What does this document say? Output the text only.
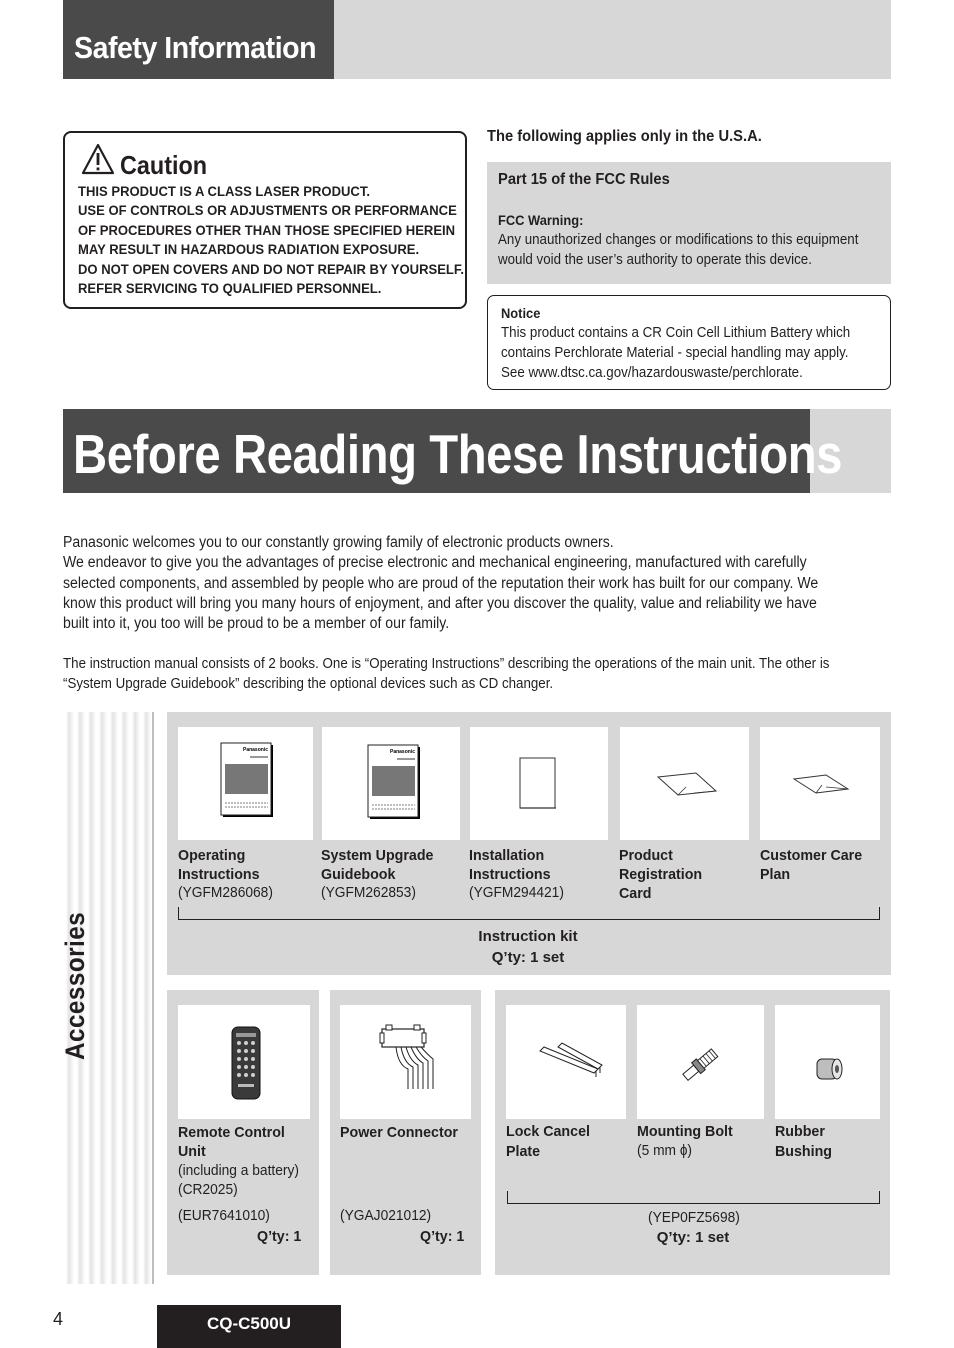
Safety Information
Caution
THIS PRODUCT IS A CLASS LASER PRODUCT.
USE OF CONTROLS OR ADJUSTMENTS OR PERFORMANCE
OF PROCEDURES OTHER THAN THOSE SPECIFIED HEREIN
MAY RESULT IN HAZARDOUS RADIATION EXPOSURE.
DO NOT OPEN COVERS AND DO NOT REPAIR BY YOURSELF.
REFER SERVICING TO QUALIFIED PERSONNEL.
The following applies only in the U.S.A.
Part 15 of the FCC Rules
FCC Warning:
Any unauthorized changes or modifications to this equipment
would void the user’s authority to operate this device.
Notice
This product contains a CR Coin Cell Lithium Battery which
contains Perchlorate Material - special handling may apply.
See www.dtsc.ca.gov/hazardouswaste/perchlorate.
Before Reading These Instructions
Panasonic welcomes you to our constantly growing family of electronic products owners.
We endeavor to give you the advantages of precise electronic and mechanical engineering, manufactured with carefully
selected components, and assembled by people who are proud of the reputation their work has built for our company. We
know this product will bring you many hours of enjoyment, and after you discover the quality, value and reliability we have
built into it, you too will be proud to be a member of our family.
The instruction manual consists of 2 books. One is “Operating Instructions” describing the operations of the main unit. The other is
“System Upgrade Guidebook” describing the optional devices such as CD changer.
Accessories
Panasonic	Panasonic
Operating
Instructions
(YGFM286068)
System Upgrade
Guidebook
(YGFM262853)
Installation
Instructions
(YGFM294421)
Product
Registration
Card
Customer Care
Plan
Instruction kit
Q’ty: 1 set
Remote Control
Unit
(including a battery)
(CR2025)
(EUR7641010)
Q’ty: 1
Power Connector
(YGAJ021012)
Q’ty: 1
Lock Cancel
Plate
Mounting Bolt
(5 mm ɸ)
Rubber
Bushing
(YEP0FZ5698)
Q’ty: 1 set
4	CQ-C500U
